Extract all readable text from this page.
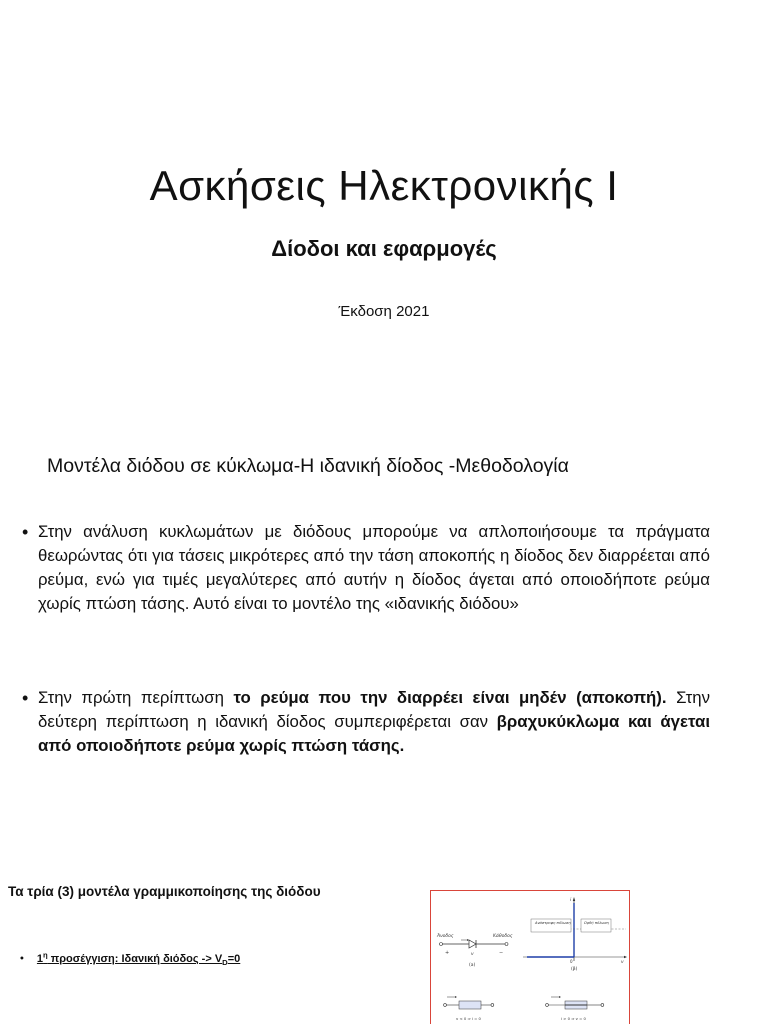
Ασκήσεις Ηλεκτρονικής Ι
Δίοδοι και εφαρμογές
Έκδοση 2021
Μοντέλα διόδου σε κύκλωμα-Η ιδανική δίοδος -Μεθοδολογία

• Στην ανάλυση κυκλωμάτων με διόδους μπορούμε να απλοποιήσουμε τα πράγματα θεωρώντας ότι για τάσεις μικρότερες από την τάση αποκοπής η δίοδος δεν διαρρέεται από ρεύμα, ενώ για τιμές μεγαλύτερες από αυτήν η δίοδος άγεται από οποιοδήποτε ρεύμα χωρίς πτώση τάσης. Αυτό είναι το μοντέλο της «ιδανικής διόδου»

• Στην πρώτη περίπτωση το ρεύμα που την διαρρέει είναι μηδέν (αποκοπή). Στην δεύτερη περίπτωση η ιδανική δίοδος συμπεριφέρεται σαν βραχυκύκλωμα και άγεται από οποιοδήποτε ρεύμα χωρίς πτώση τάσης.

Τα τρία (3) μοντέλα γραμμικοποίησης της διόδου
• $1^\eta$ προσέγγιση: Ιδανική $\delta\iota ό\delta o\varsigma -> V_D=0$
Άνοδος	Κάθοδος
+	−
v
(a)
i
v
Ανάστροφη πόλωση	Ορθή πόλωση
0
(β)
v < 0 ⇒ i = 0	i > 0 ⇒ v = 0
